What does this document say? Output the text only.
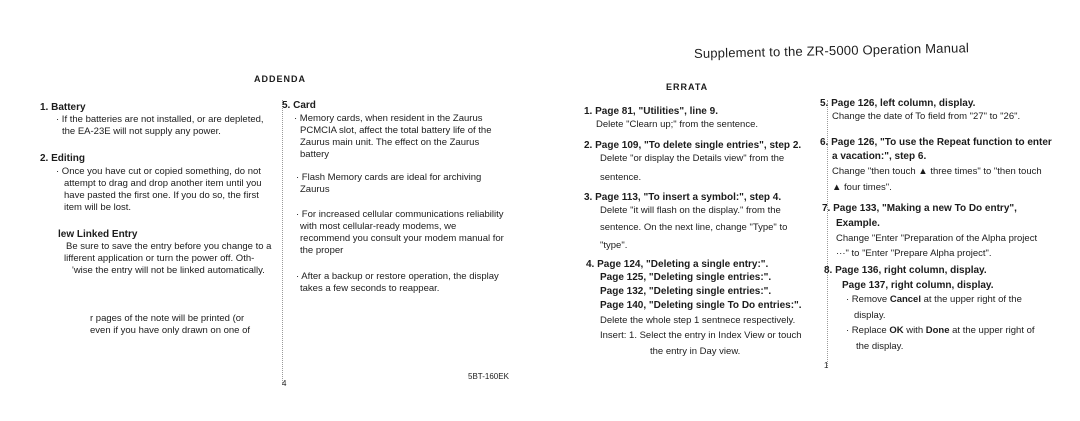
ADDENDA
1. Battery
· If the batteries are not installed, or are depleted,
the EA-23E will not supply any power.
2. Editing
· Once you have cut or copied something, do not
attempt to drag and drop another item until you
have pasted the first one. If you do so, the first
item will be lost.
lew Linked Entry
Be sure to save the entry before you change to a
lifferent application or turn the power off. Oth-
'wise the entry will not be linked automatically.
r pages of the note will be printed (or
even if you have only drawn on one of
5. Card
· Memory cards, when resident in the Zaurus
PCMCIA slot, affect the total battery life of the
Zaurus main unit. The effect on the Zaurus
battery
· Flash Memory cards are ideal for archiving
Zaurus
· For increased cellular communications reliability
with most cellular-ready modems, we
recommend you consult your modem manual for
the proper
· After a backup or restore operation, the display
takes a few seconds to reappear.
4
5BT-160EK
Supplement to the ZR-5000 Operation Manual
ERRATA
1. Page 81, "Utilities", line 9.
Delete "Clearn up;" from the sentence.
2. Page 109, "To delete single entries", step 2.
Delete "or display the Details view" from the
sentence.
3. Page 113, "To insert a symbol:", step 4.
Delete "it will flash on the display." from the
sentence. On the next line, change "Type" to
"type".
4. Page 124, "Deleting a single entry:".
Page 125, "Deleting single entries:".
Page 132, "Deleting single entries:".
Page 140, "Deleting single To Do entries:".
Delete the whole step 1 sentnece respectively.
Insert: 1. Select the entry in Index View or touch
the entry in Day view.
5. Page 126, left column, display.
Change the date of To field from "27" to "26".
6. Page 126, "To use the Repeat function to enter
a vacation:", step 6.
Change "then touch ▲ three times" to "then touch
▲ four times".
7. Page 133, "Making a new To Do entry",
Example.
Change "Enter "Preparation of the Alpha project
···" to "Enter "Prepare Alpha project".
8. Page 136, right column, display.
Page 137, right column, display.
· Remove Cancel at the upper right of the
display.
· Replace OK with Done at the upper right of
the display.
1
